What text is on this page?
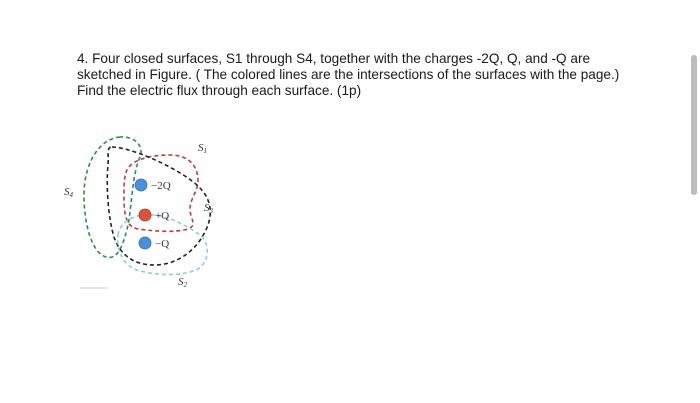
4. Four closed surfaces, S1 through S4, together with the charges -2Q, Q, and -Q are sketched in Figure. ( The colored lines are the intersections of the surfaces with the page.) Find the electric flux through each surface. (1p)

−2Q
+Q
−Q
S4
S1
S3
S2
